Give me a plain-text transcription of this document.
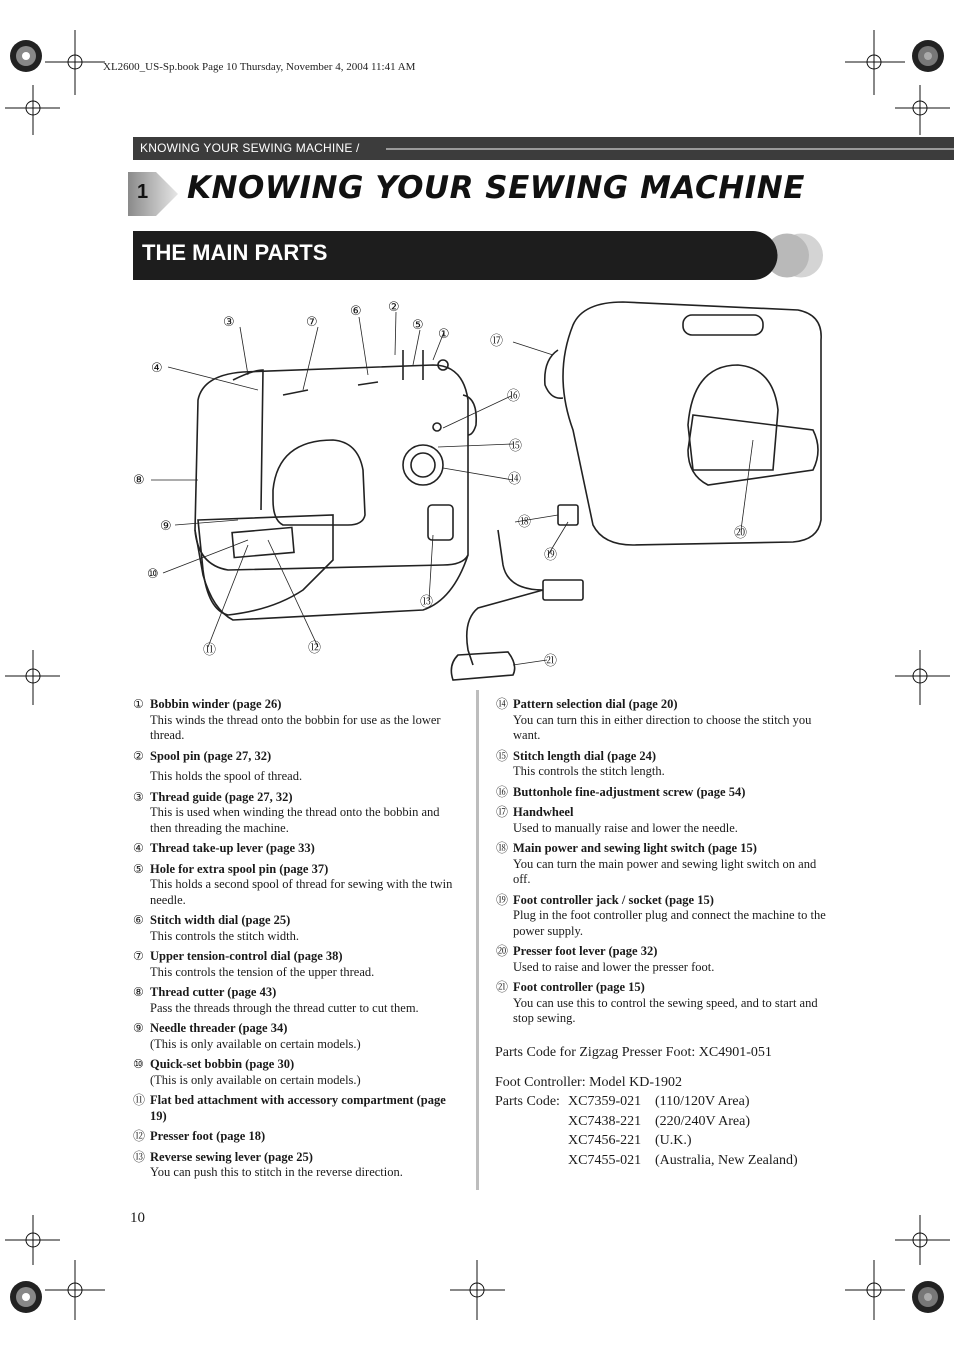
XL2600_US-Sp.book Page 10 Thursday, November 4, 2004 11:41 AM
KNOWING YOUR SEWING MACHINE /
1 KNOWING YOUR SEWING MACHINE
THE MAIN PARTS
①
②
③
④
⑤
⑥
⑦
⑧
⑨
⑩
⑪	⑫
⑬
⑭
⑮
⑯
⑰
⑱
⑲
⑳
㉑
① Bobbin winder (page 26)
This winds the thread onto the bobbin for use as the lower thread.
② Spool pin (page 27, 32)
This holds the spool of thread.
③ Thread guide (page 27, 32)
This is used when winding the thread onto the bobbin and then threading the machine.
④ Thread take-up lever (page 33)
⑤ Hole for extra spool pin (page 37)
This holds a second spool of thread for sewing with the twin needle.
⑥ Stitch width dial (page 25)
This controls the stitch width.
⑦ Upper tension-control dial (page 38)
This controls the tension of the upper thread.
⑧ Thread cutter (page 43)
Pass the threads through the thread cutter to cut them.
⑨ Needle threader (page 34)
(This is only available on certain models.)
⑩ Quick-set bobbin (page 30)
(This is only available on certain models.)
⑪ Flat bed attachment with accessory compartment (page 19)
⑫ Presser foot (page 18)
⑬ Reverse sewing lever (page 25)
You can push this to stitch in the reverse direction.
⑭ Pattern selection dial (page 20)
You can turn this in either direction to choose the stitch you want.
⑮ Stitch length dial (page 24)
This controls the stitch length.
⑯ Buttonhole fine-adjustment screw (page 54)
⑰ Handwheel
Used to manually raise and lower the needle.
⑱ Main power and sewing light switch (page 15)
You can turn the main power and sewing light switch on and off.
⑲ Foot controller jack / socket (page 15)
Plug in the foot controller plug and connect the machine to the power supply.
⑳ Presser foot lever (page 32)
Used to raise and lower the presser foot.
㉑ Foot controller (page 15)
You can use this to control the sewing speed, and to start and stop sewing.
Parts Code for Zigzag Presser Foot: XC4901-051
Foot Controller: Model KD-1902
Parts Code: XC7359-021 (110/120V Area)
XC7438-221 (220/240V Area)
XC7456-221 (U.K.)
XC7455-021 (Australia, New Zealand)
10
